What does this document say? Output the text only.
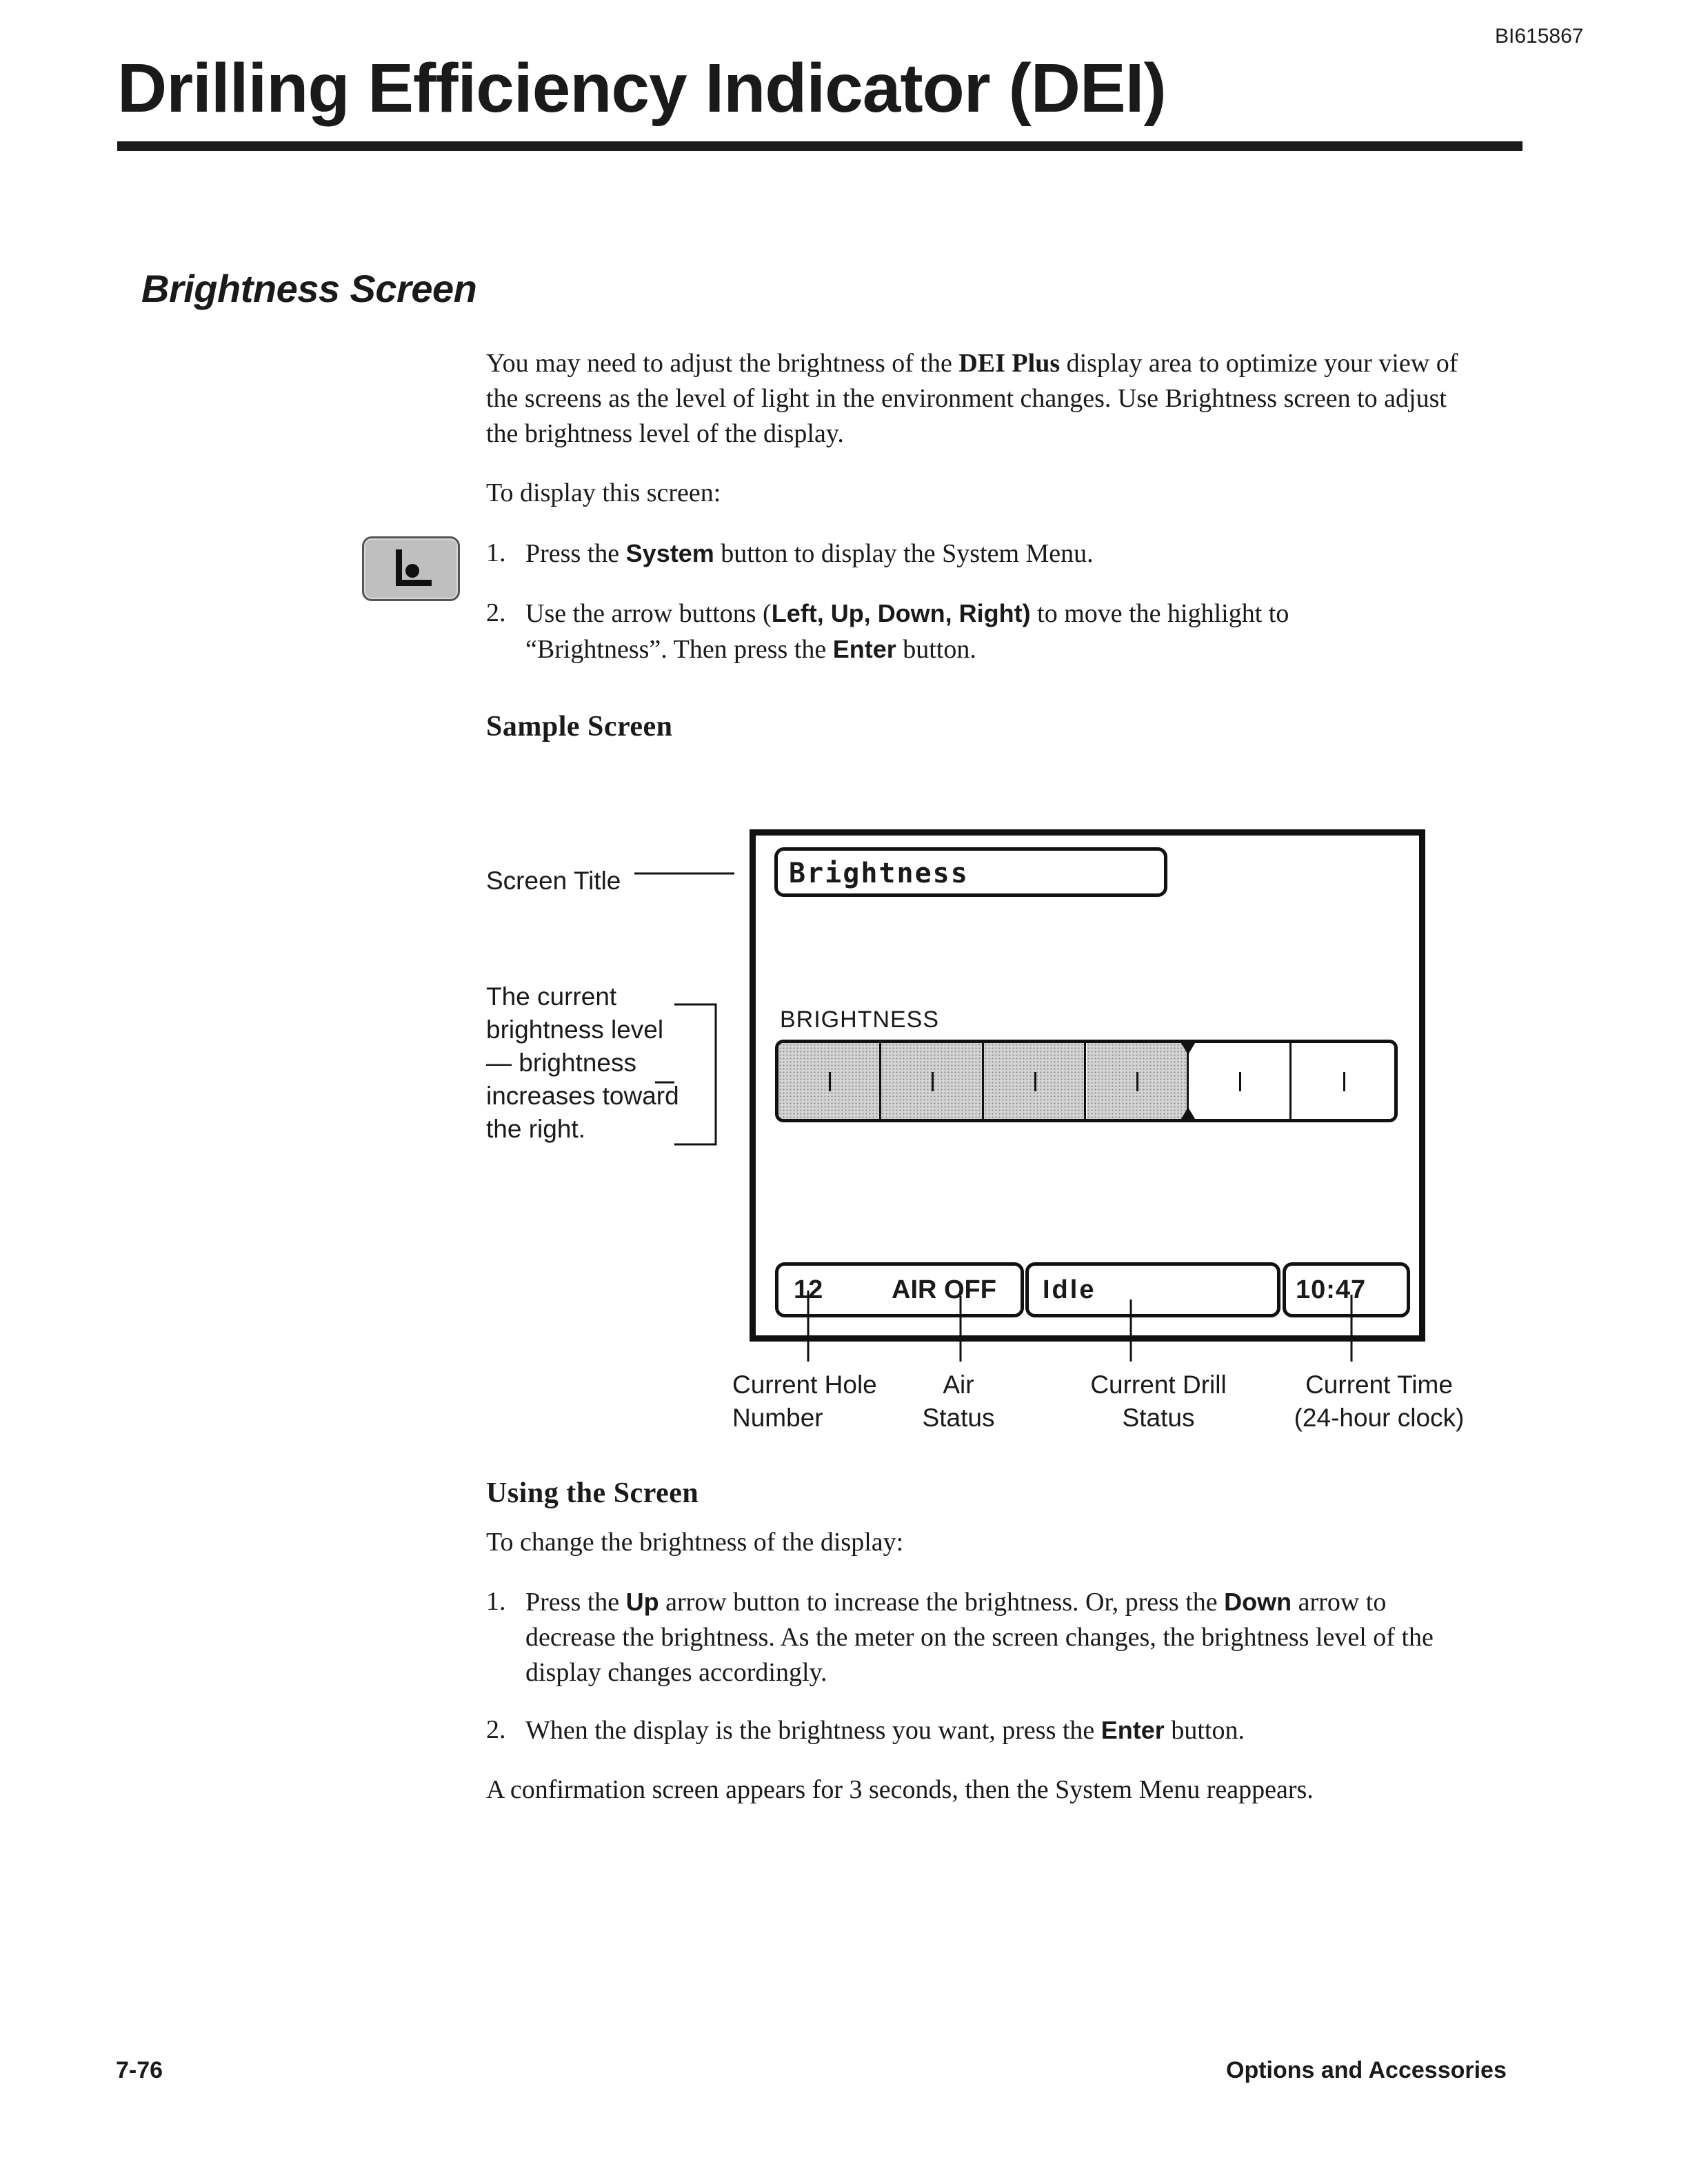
BI615867
Drilling Efficiency Indicator (DEI)
Brightness Screen
You may need to adjust the brightness of the DEI Plus display area to optimize your view of the screens as the level of light in the environment changes. Use Brightness screen to adjust the brightness level of the display.
To display this screen:
1. Press the System button to display the System Menu.
2. Use the arrow buttons (Left, Up, Down, Right) to move the highlight to “Brightness”. Then press the Enter button.
Sample Screen
Screen Title
The current brightness level — brightness increases toward the right.
Brightness
BRIGHTNESS
12	AIR OFF Idle	10:47
Current Hole
Number
Air
Status
Current Drill
Status
Current Time
(24-hour clock)
Using the Screen
To change the brightness of the display:
1. Press the Up arrow button to increase the brightness. Or, press the Down arrow to decrease the brightness. As the meter on the screen changes, the brightness level of the display changes accordingly.
2. When the display is the brightness you want, press the Enter button.
A confirmation screen appears for 3 seconds, then the System Menu reappears.
7-76	Options and Accessories
